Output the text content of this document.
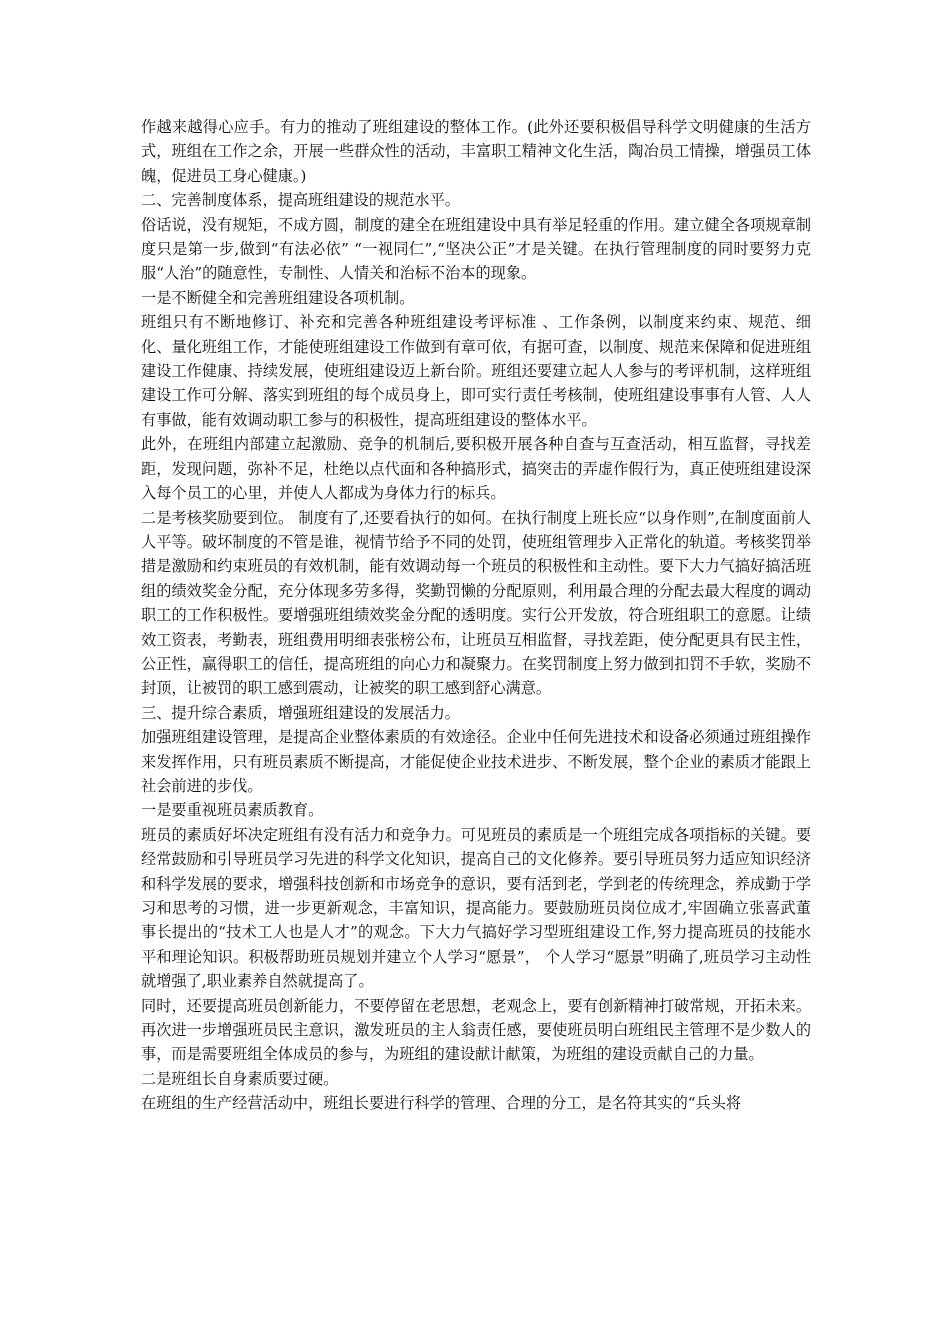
作越来越得心应手。有力的推动了班组建设的整体工作。(此外还要积极倡导科学文明健康的生活方式，班组在工作之余，开展一些群众性的活动，丰富职工精神文化生活，陶冶员工情操，增强员工体魄，促进员工身心健康。)

二、完善制度体系，提高班组建设的规范水平。

俗话说，没有规矩，不成方圆，制度的建全在班组建设中具有举足轻重的作用。建立健全各项规章制度只是第一步,做到“有法必依” “一视同仁”,“坚决公正”才是关键。在执行管理制度的同时要努力克服“人治”的随意性，专制性、人情关和治标不治本的现象。

一是不断健全和完善班组建设各项机制。

班组只有不断地修订、补充和完善各种班组建设考评标准 、工作条例，以制度来约束、规范、细化、量化班组工作，才能使班组建设工作做到有章可依，有据可查，以制度、规范来保障和促进班组建设工作健康、持续发展，使班组建设迈上新台阶。班组还要建立起人人参与的考评机制，这样班组建设工作可分解、落实到班组的每个成员身上，即可实行责任考核制，使班组建设事事有人管、人人有事做，能有效调动职工参与的积极性，提高班组建设的整体水平。

此外，在班组内部建立起激励、竞争的机制后,要积极开展各种自查与互查活动，相互监督，寻找差距，发现问题，弥补不足，杜绝以点代面和各种搞形式，搞突击的弄虚作假行为，真正使班组建设深入每个员工的心里，并使人人都成为身体力行的标兵。

二是考核奖励要到位。 制度有了,还要看执行的如何。在执行制度上班长应“以身作则”,在制度面前人人平等。破坏制度的不管是谁，视情节给予不同的处罚，使班组管理步入正常化的轨道。考核奖罚举措是激励和约束班员的有效机制，能有效调动每一个班员的积极性和主动性。要下大力气搞好搞活班组的绩效奖金分配，充分体现多劳多得，奖勤罚懒的分配原则，利用最合理的分配去最大程度的调动职工的工作积极性。要增强班组绩效奖金分配的透明度。实行公开发放，符合班组职工的意愿。让绩效工资表，考勤表，班组费用明细表张榜公布，让班员互相监督，寻找差距，使分配更具有民主性，公正性，赢得职工的信任，提高班组的向心力和凝聚力。在奖罚制度上努力做到扣罚不手软，奖励不封顶，让被罚的职工感到震动，让被奖的职工感到舒心满意。

三、提升综合素质，增强班组建设的发展活力。

加强班组建设管理，是提高企业整体素质的有效途径。企业中任何先进技术和设备必须通过班组操作来发挥作用，只有班员素质不断提高，才能促使企业技术进步、不断发展，整个企业的素质才能跟上社会前进的步伐。

一是要重视班员素质教育。

班员的素质好坏决定班组有没有活力和竞争力。可见班员的素质是一个班组完成各项指标的关键。要经常鼓励和引导班员学习先进的科学文化知识，提高自己的文化修养。要引导班员努力适应知识经济和科学发展的要求，增强科技创新和市场竞争的意识，要有活到老，学到老的传统理念，养成勤于学习和思考的习惯，进一步更新观念，丰富知识，提高能力。要鼓励班员岗位成才,牢固确立张喜武董事长提出的“技术工人也是人才”的观念。下大力气搞好学习型班组建设工作,努力提高班员的技能水平和理论知识。积极帮助班员规划并建立个人学习“愿景”， 个人学习“愿景”明确了,班员学习主动性就增强了,职业素养自然就提高了。

同时，还要提高班员创新能力，不要停留在老思想，老观念上，要有创新精神打破常规，开拓未来。再次进一步增强班员民主意识，激发班员的主人翁责任感，要使班员明白班组民主管理不是少数人的事，而是需要班组全体成员的参与，为班组的建设献计献策，为班组的建设贡献自己的力量。

二是班组长自身素质要过硬。

在班组的生产经营活动中，班组长要进行科学的管理、合理的分工，是名符其实的“兵头将
